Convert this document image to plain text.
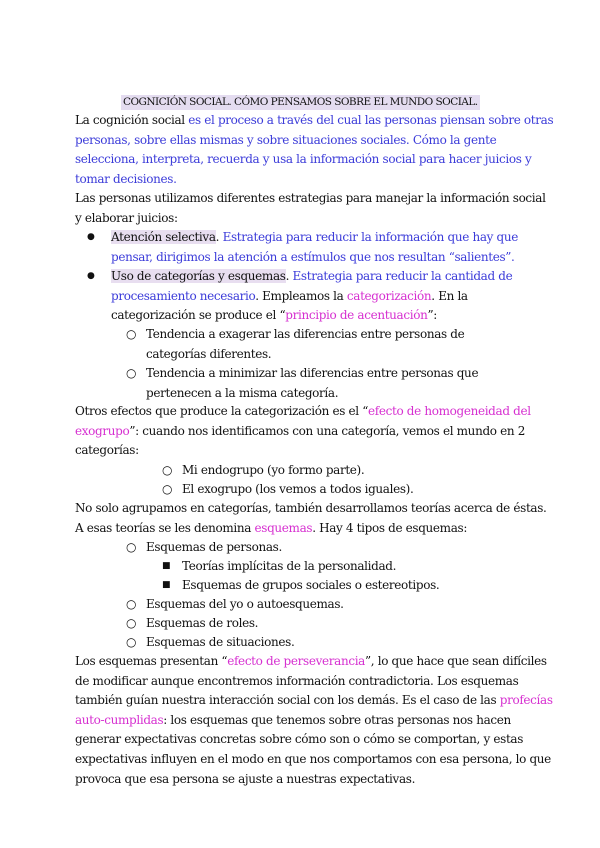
COGNICIÓN SOCIAL. CÓMO PENSAMOS SOBRE EL MUNDO SOCIAL.

La cognición social es el proceso a través del cual las personas piensan sobre otras personas, sobre ellas mismas y sobre situaciones sociales. Cómo la gente selecciona, interpreta, recuerda y usa la información social para hacer juicios y tomar decisiones.

Las personas utilizamos diferentes estrategias para manejar la información social y elaborar juicios:

● Atención selectiva. Estrategia para reducir la información que hay que pensar, dirigimos la atención a estímulos que nos resultan “salientes”.

● Uso de categorías y esquemas. Estrategia para reducir la cantidad de procesamiento necesario. Empleamos la categorización. En la categorización se produce el “principio de acentuación”:

○ Tendencia a exagerar las diferencias entre personas de categorías diferentes.

○ Tendencia a minimizar las diferencias entre personas que pertenecen a la misma categoría.

Otros efectos que produce la categorización es el “efecto de homogeneidad del exogrupo”: cuando nos identificamos con una categoría, vemos el mundo en 2 categorías:

○ Mi endogrupo (yo formo parte).

○ El exogrupo (los vemos a todos iguales).

No solo agrupamos en categorías, también desarrollamos teorías acerca de éstas. A esas teorías se les denomina esquemas. Hay 4 tipos de esquemas:

○ Esquemas de personas.

■ Teorías implícitas de la personalidad.

■ Esquemas de grupos sociales o estereotipos.

○ Esquemas del yo o autoesquemas.

○ Esquemas de roles.

○ Esquemas de situaciones.

Los esquemas presentan “efecto de perseverancia”, lo que hace que sean difíciles de modificar aunque encontremos información contradictoria. Los esquemas también guían nuestra interacción social con los demás. Es el caso de las profecías auto-cumplidas: los esquemas que tenemos sobre otras personas nos hacen generar expectativas concretas sobre cómo son o cómo se comportan, y estas expectativas influyen en el modo en que nos comportamos con esa persona, lo que provoca que esa persona se ajuste a nuestras expectativas.
